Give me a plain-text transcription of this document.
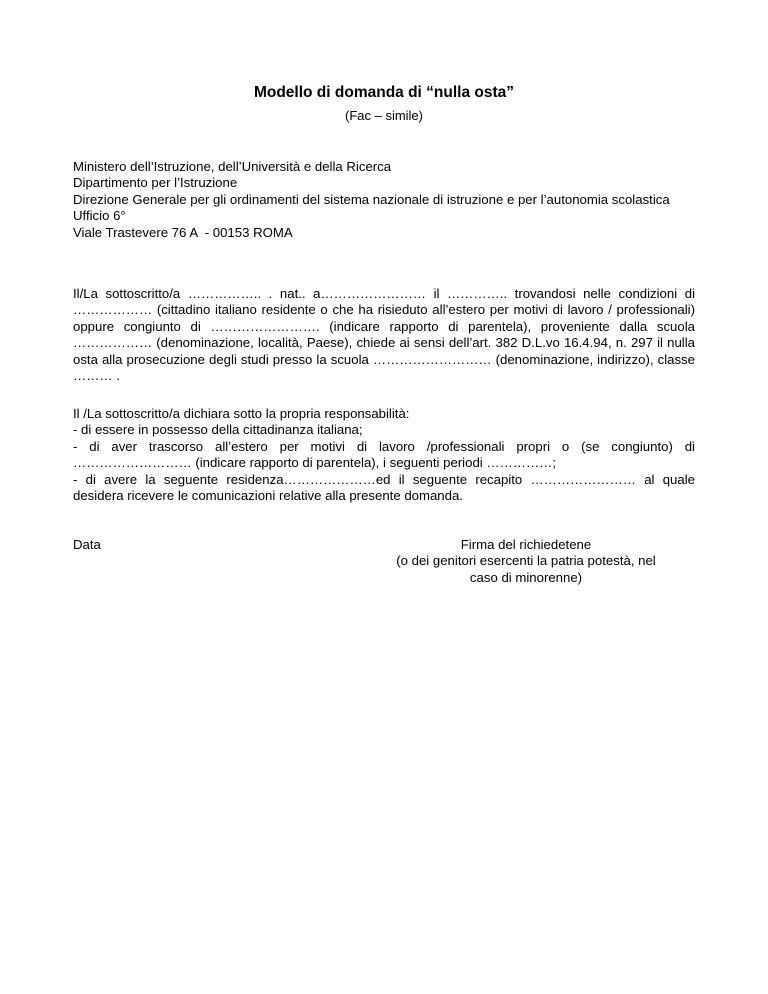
Modello di domanda di “nulla osta”
(Fac – simile)

Ministero dell’Istruzione, dell’Università e della Ricerca

Dipartimento per l’Istruzione

Direzione Generale per gli ordinamenti del sistema nazionale di istruzione e per l’autonomia scolastica

Ufficio 6°

Viale Trastevere 76 A  - 00153 ROMA

Il/La sottoscritto/a …………….. . nat.. a…………………… il ………….. trovandosi nelle condizioni di ……………… (cittadino italiano residente o che ha risieduto all’estero per motivi di lavoro / professionali) oppure congiunto di ……………………. (indicare rapporto di parentela), proveniente dalla scuola ……………… (denominazione, località, Paese), chiede ai sensi dell’art. 382 D.L.vo 16.4.94, n. 297 il nulla osta alla prosecuzione degli studi presso la scuola ……………………… (denominazione, indirizzo), classe ……… .

Il /La sottoscritto/a dichiara sotto la propria responsabilità:

- di essere in possesso della cittadinanza italiana;

- di aver trascorso all’estero per motivi di lavoro /professionali propri o (se congiunto) di ……………………… (indicare rapporto di parentela), i seguenti periodi ……………;

- di avere la seguente residenza…………………ed il seguente recapito …………………… al quale desidera ricevere le comunicazioni relative alla presente domanda.

Data	Firma del richiedetene
(o dei genitori esercenti la patria potestà, nel
caso di minorenne)
